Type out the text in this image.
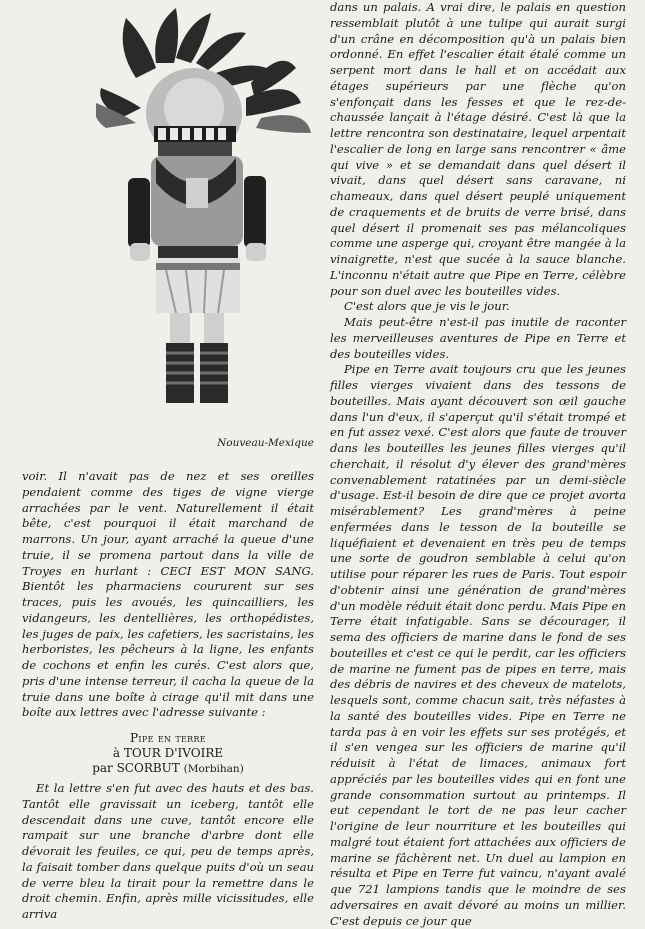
Nouveau-Mexique

voir. Il n'avait pas de nez et ses oreilles pendaient comme des tiges de vigne vierge arrachées par le vent. Naturellement il était bête, c'est pourquoi il était marchand de marrons. Un jour, ayant arraché la queue d'une truie, il se promena partout dans la ville de Troyes en hurlant : CECI EST MON SANG. Bientôt les pharmaciens coururent sur ses traces, puis les avoués, les quincailliers, les vidangeurs, les dentellières, les orthopédistes, les juges de paix, les cafetiers, les sacristains, les herboristes, les pêcheurs à la ligne, les enfants de cochons et enfin les curés. C'est alors que, pris d'une intense terreur, il cacha la queue de la truie dans une boîte à cirage qu'il mit dans une boîte aux lettres avec l'adresse suivante :

Pipe en terre
à TOUR D'IVOIRE
par SCORBUT (Morbihan)

Et la lettre s'en fut avec des hauts et des bas. Tantôt elle gravissait un iceberg, tantôt elle descendait dans une cuve, tantôt encore elle rampait sur une branche d'arbre dont elle dévorait les feuiles, ce qui, peu de temps après, la faisait tomber dans quelque puits d'où un seau de verre bleu la tirait pour la remettre dans le droit chemin. Enfin, après mille vicissitudes, elle arriva

dans un palais. A vrai dire, le palais en question ressemblait plutôt à une tulipe qui aurait surgi d'un crâne en décomposition qu'à un palais bien ordonné. En effet l'escalier était étalé comme un serpent mort dans le hall et on accédait aux étages supérieurs par une flèche qu'on s'enfonçait dans les fesses et que le rez-de-chaussée lançait à l'étage désiré. C'est là que la lettre rencontra son destinataire, lequel arpentait l'escalier de long en large sans rencontrer « âme qui vive » et se demandait dans quel désert il vivait, dans quel désert sans caravane, ni chameaux, dans quel désert peuplé uniquement de craquements et de bruits de verre brisé, dans quel désert il promenait ses pas mélancoliques comme une asperge qui, croyant être mangée à la vinaigrette, n'est que sucée à la sauce blanche. L'inconnu n'était autre que Pipe en Terre, célèbre pour son duel avec les bouteilles vides.

C'est alors que je vis le jour.

Mais peut-être n'est-il pas inutile de raconter les merveilleuses aventures de Pipe en Terre et des bouteilles vides.

Pipe en Terre avait toujours cru que les jeunes filles vierges vivaient dans des tessons de bouteilles. Mais ayant découvert son œil gauche dans l'un d'eux, il s'aperçut qu'il s'était trompé et en fut assez vexé. C'est alors que faute de trouver dans les bouteilles les jeunes filles vierges qu'il cherchait, il résolut d'y élever des grand'mères convenablement ratatinées par un demi-siècle d'usage. Est-il besoin de dire que ce projet avorta misérablement? Les grand'mères à peine enfermées dans le tesson de la bouteille se liquéfiaient et devenaient en très peu de temps une sorte de goudron semblable à celui qu'on utilise pour réparer les rues de Paris. Tout espoir d'obtenir ainsi une génération de grand'mères d'un modèle réduit était donc perdu. Mais Pipe en Terre était infatigable. Sans se décourager, il sema des officiers de marine dans le fond de ses bouteilles et c'est ce qui le perdit, car les officiers de marine ne fument pas de pipes en terre, mais des débris de navires et des cheveux de matelots, lesquels sont, comme chacun sait, très néfastes à la santé des bouteilles vides. Pipe en Terre ne tarda pas à en voir les effets sur ses protégés, et il s'en vengea sur les officiers de marine qu'il réduisit à l'état de limaces, animaux fort appréciés par les bouteilles vides qui en font une grande consommation surtout au printemps. Il eut cependant le tort de ne pas leur cacher l'origine de leur nourriture et les bouteilles qui malgré tout étaient fort attachées aux officiers de marine se fâchèrent net. Un duel au lampion en résulta et Pipe en Terre fut vaincu, n'ayant avalé que 721 lampions tandis que le moindre de ses adversaires en avait dévoré au moins un millier. C'est depuis ce jour que
